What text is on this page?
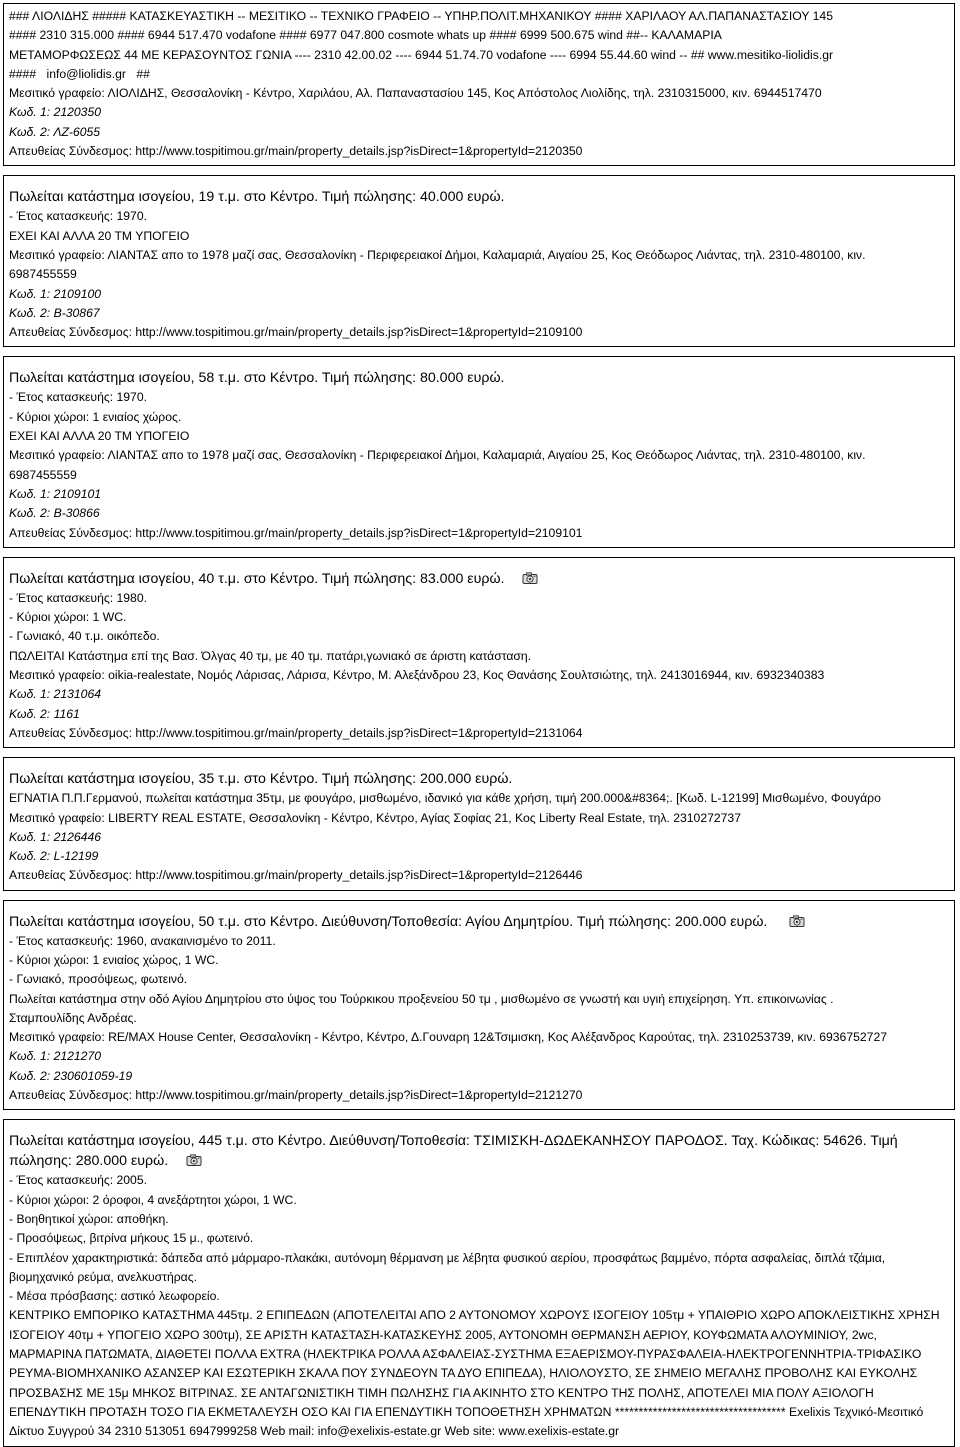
### ΛΙΟΛΙΔΗΣ ##### ΚΑΤΑΣΚΕΥΑΣΤΙΚΗ -- ΜΕΣΙΤΙΚΟ -- ΤΕΧΝΙΚΟ ΓΡΑΦΕΙΟ -- ΥΠΗΡ.ΠΟΛΙΤ.ΜΗΧΑΝΙΚΟΥ #### ΧΑΡΙΛΑΟΥ ΑΛ.ΠΑΠΑΝΑΣΤΑΣΙΟΥ 145
#### 2310 315.000 #### 6944 517.470 vodafone #### 6977 047.800 cosmote whats up #### 6999 500.675 wind ##-- ΚΑΛΑΜΑΡΙΑ
ΜΕΤΑΜΟΡΦΩΣΕΩΣ 44 ΜΕ ΚΕΡΑΣΟΥΝΤΟΣ ΓΩΝΙΑ ---- 2310 42.00.02 ---- 6944 51.74.70 vodafone ---- 6994 55.44.60 wind -- ## www.mesitiko-liolidis.gr
#### info@liolidis.gr ##
Μεσιτικό γραφείο: ΛΙΟΛΙΔΗΣ, Θεσσαλονίκη - Κέντρο, Χαριλάου, Αλ. Παπαναστασίου 145, Κος Απόστολος Λιολίδης, τηλ. 2310315000, κιν. 6944517470
Κωδ. 1: 2120350
Κωδ. 2: ΛΖ-6055
Απευθείας Σύνδεσμος: http://www.tospitimou.gr/main/property_details.jsp?isDirect=1&propertyId=2120350
Πωλείται κατάστημα ισογείου, 19 τ.μ. στο Κέντρο. Τιμή πώλησης: 40.000 ευρώ.
- Έτος κατασκευής: 1970.
ΕΧΕΙ ΚΑΙ ΑΛΛΑ 20 ΤΜ ΥΠΟΓΕΙΟ
Μεσιτικό γραφείο: ΛΙΑΝΤΑΣ απο το 1978 μαζί σας, Θεσσαλονίκη - Περιφερειακοί Δήμοι, Καλαμαριά, Αιγαίου 25, Κος Θεόδωρος Λιάντας, τηλ. 2310-480100, κιν.
6987455559
Κωδ. 1: 2109100
Κωδ. 2: Β-30867
Απευθείας Σύνδεσμος: http://www.tospitimou.gr/main/property_details.jsp?isDirect=1&propertyId=2109100
Πωλείται κατάστημα ισογείου, 58 τ.μ. στο Κέντρο. Τιμή πώλησης: 80.000 ευρώ.
- Έτος κατασκευής: 1970.
- Κύριοι χώροι: 1 ενιαίος χώρος.
ΕΧΕΙ ΚΑΙ ΑΛΛΑ 20 ΤΜ ΥΠΟΓΕΙΟ
Μεσιτικό γραφείο: ΛΙΑΝΤΑΣ απο το 1978 μαζί σας, Θεσσαλονίκη - Περιφερειακοί Δήμοι, Καλαμαριά, Αιγαίου 25, Κος Θεόδωρος Λιάντας, τηλ. 2310-480100, κιν.
6987455559
Κωδ. 1: 2109101
Κωδ. 2: Β-30866
Απευθείας Σύνδεσμος: http://www.tospitimou.gr/main/property_details.jsp?isDirect=1&propertyId=2109101
Πωλείται κατάστημα ισογείου, 40 τ.μ. στο Κέντρο. Τιμή πώλησης: 83.000 ευρώ.
- Έτος κατασκευής: 1980.
- Κύριοι χώροι: 1 WC.
- Γωνιακό, 40 τ.μ. οικόπεδο.
ΠΩΛΕΙΤΑΙ Κατάστημα επί της Βασ. Όλγας 40 τμ, με 40 τμ. πατάρι,γωνιακό σε άριστη κατάσταση.
Μεσιτικό γραφείο: oikia-realestate, Νομός Λάρισας, Λάρισα, Κέντρο, Μ. Αλεξάνδρου 23, Κος Θανάσης Σουλτσιώτης, τηλ. 2413016944, κιν. 6932340383
Κωδ. 1: 2131064
Κωδ. 2: 1161
Απευθείας Σύνδεσμος: http://www.tospitimou.gr/main/property_details.jsp?isDirect=1&propertyId=2131064
Πωλείται κατάστημα ισογείου, 35 τ.μ. στο Κέντρο. Τιμή πώλησης: 200.000 ευρώ.
ΕΓΝΑΤΙΑ Π.Π.Γερμανού, πωλείται κατάστημα 35τμ, με φουγάρο, μισθωμένο, ιδανικό για κάθε χρήση, τιμή 200.000&#8364;. [Κωδ. L-12199] Μισθωμένο, Φουγάρο
Μεσιτικό γραφείο: LIBERTY REAL ESTATE, Θεσσαλονίκη - Κέντρο, Κέντρο, Αγίας Σοφίας 21, Κος Liberty Real Estate, τηλ. 2310272737
Κωδ. 1: 2126446
Κωδ. 2: L-12199
Απευθείας Σύνδεσμος: http://www.tospitimou.gr/main/property_details.jsp?isDirect=1&propertyId=2126446
Πωλείται κατάστημα ισογείου, 50 τ.μ. στο Κέντρο. Διεύθυνση/Τοποθεσία: Αγίου Δημητρίου. Τιμή πώλησης: 200.000 ευρώ.
- Έτος κατασκευής: 1960, ανακαινισμένο το 2011.
- Κύριοι χώροι: 1 ενιαίος χώρος, 1 WC.
- Γωνιακό, προσόψεως, φωτεινό.
Πωλείται κατάστημα στην οδό Αγίου Δημητρίου στο ύψος του Τούρκικου προξενείου 50 τμ , μισθωμένο σε γνωστή και υγιή επιχείρηση. Υπ. επικοινωνίας .
Σταμπουλίδης Ανδρέας.
Μεσιτικό γραφείο: RE/MAX House Center, Θεσσαλονίκη - Κέντρο, Κέντρο, Δ.Γουναρη 12&Τσιμισκη, Κος Αλέξανδρος Καρούτας, τηλ. 2310253739, κιν. 6936752727
Κωδ. 1: 2121270
Κωδ. 2: 230601059-19
Απευθείας Σύνδεσμος: http://www.tospitimou.gr/main/property_details.jsp?isDirect=1&propertyId=2121270
Πωλείται κατάστημα ισογείου, 445 τ.μ. στο Κέντρο. Διεύθυνση/Τοποθεσία: ΤΣΙΜΙΣΚΗ-ΔΩΔΕΚΑΝΗΣΟΥ ΠΑΡΟΔΟΣ. Ταχ. Κώδικας: 54626. Τιμή πώλησης: 280.000 ευρώ.
- Έτος κατασκευής: 2005.
- Κύριοι χώροι: 2 όροφοι, 4 ανεξάρτητοι χώροι, 1 WC.
- Βοηθητικοί χώροι: αποθήκη.
- Προσόψεως, βιτρίνα μήκους 15 μ., φωτεινό.
- Επιπλέον χαρακτηριστικά: δάπεδα από μάρμαρο-πλακάκι, αυτόνομη θέρμανση με λέβητα φυσικού αερίου, προσφάτως βαμμένο, πόρτα ασφαλείας, διπλά τζάμια, βιομηχανικό ρεύμα, ανελκυστήρας.
- Μέσα πρόσβασης: αστικό λεωφορείο.
ΚΕΝΤΡΙΚΟ ΕΜΠΟΡΙΚΟ ΚΑΤΑΣΤΗΜΑ 445τμ. 2 ΕΠΙΠΕΔΩΝ (ΑΠΟΤΕΛΕΙΤΑΙ ΑΠΟ 2 ΑΥΤΟΝΟΜΟΥ ΧΩΡΟΥΣ ΙΣΟΓΕΙΟΥ 105τμ + ΥΠΑΙΘΡΙΟ ΧΩΡΟ ΑΠΟΚΛΕΙΣΤΙΚΗΣ ΧΡΗΣΗ ΙΣΟΓΕΙΟΥ 40τμ + ΥΠΟΓΕΙΟ ΧΩΡΟ 300τμ), ΣΕ ΑΡΙΣΤΗ ΚΑΤΑΣΤΑΣΗ-ΚΑΤΑΣΚΕΥΗΣ 2005, ΑΥΤΟΝΟΜΗ ΘΕΡΜΑΝΣΗ ΑΕΡΙΟΥ, ΚΟΥΦΩΜΑΤΑ ΑΛΟΥΜΙΝΙΟΥ, 2wc, ΜΑΡΜΑΡΙΝΑ ΠΑΤΩΜΑΤΑ, ΔΙΑΘΕΤΕΙ ΠΟΛΛΑ EXTRA (ΗΛΕΚΤΡΙΚΑ ΡΟΛΛΑ ΑΣΦΑΛΕΙΑΣ-ΣΥΣΤΗΜΑ ΕΞΑΕΡΙΣΜΟΥ-ΠΥΡΑΣΦΑΛΕΙΑ-ΗΛΕΚΤΡΟΓΕΝΝΗΤΡΙΑ-ΤΡΙΦΑΣΙΚΟ ΡΕΥΜΑ-ΒΙΟΜΗΧΑΝΙΚΟ ΑΣΑΝΣΕΡ ΚΑΙ ΕΣΩΤΕΡΙΚΗ ΣΚΑΛΑ ΠΟΥ ΣΥΝΔΕΟΥΝ ΤΑ ΔΥΟ ΕΠΙΠΕΔΑ), ΗΛΙΟΛΟΥΣΤΟ, ΣΕ ΣΗΜΕΙΟ ΜΕΓΑΛΗΣ ΠΡΟΒΟΛΗΣ ΚΑΙ ΕΥΚΟΛΗΣ ΠΡΟΣΒΑΣΗΣ ΜΕ 15μ ΜΗΚΟΣ ΒΙΤΡΙΝΑΣ. ΣΕ ΑΝΤΑΓΩΝΙΣΤΙΚΗ ΤΙΜΗ ΠΩΛΗΣΗΣ ΓΙΑ ΑΚΙΝΗΤΟ ΣΤΟ ΚΕΝΤΡΟ ΤΗΣ ΠΟΛΗΣ, ΑΠΟΤΕΛΕΙ ΜΙΑ ΠΟΛΥ ΑΞΙΟΛΟΓΗ ΕΠΕΝΔΥΤΙΚΗ ΠΡΟΤΑΣΗ ΤΟΣΟ ΓΙΑ ΕΚΜΕΤΑΛΕΥΣΗ ΟΣΟ ΚΑΙ ΓΙΑ ΕΠΕΝΔΥΤΙΚΗ ΤΟΠΟΘΕΤΗΣΗ ΧΡΗΜΑΤΩΝ ************************************ Exelixis Τεχνικό-Μεσιτικό Δίκτυο Συγγρού 34 2310 513051 6947999258 Web mail: info@exelixis-estate.gr Web site: www.exelixis-estate.gr
